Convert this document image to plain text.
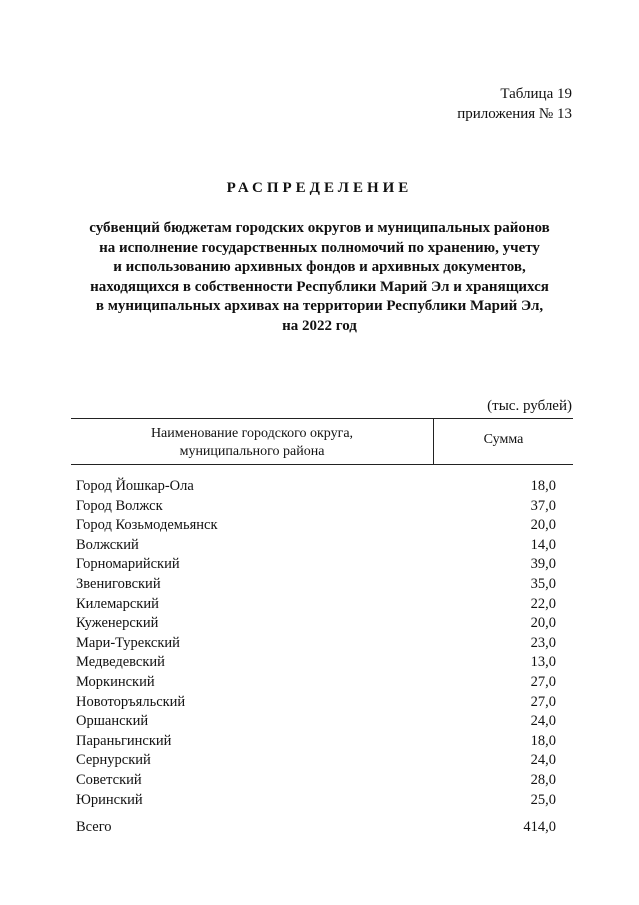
Таблица 19
приложения № 13
РАСПРЕДЕЛЕНИЕ
субвенций бюджетам городских округов и муниципальных районов
на исполнение государственных полномочий по хранению, учету
и использованию архивных фондов и архивных документов,
находящихся в собственности Республики Марий Эл и хранящихся
в муниципальных архивах на территории Республики Марий Эл,
на 2022 год
(тыс. рублей)
Наименование городского округа,
муниципального района
Сумма
Город Йошкар-Ола	18,0
Город Волжск	37,0
Город Козьмодемьянск	20,0
Волжский	14,0
Горномарийский	39,0
Звениговский	35,0
Килемарский	22,0
Куженерский	20,0
Мари-Турекский	23,0
Медведевский	13,0
Моркинский	27,0
Новоторъяльский	27,0
Оршанский	24,0
Параньгинский	18,0
Сернурский	24,0
Советский	28,0
Юринский	25,0
Всего	414,0
